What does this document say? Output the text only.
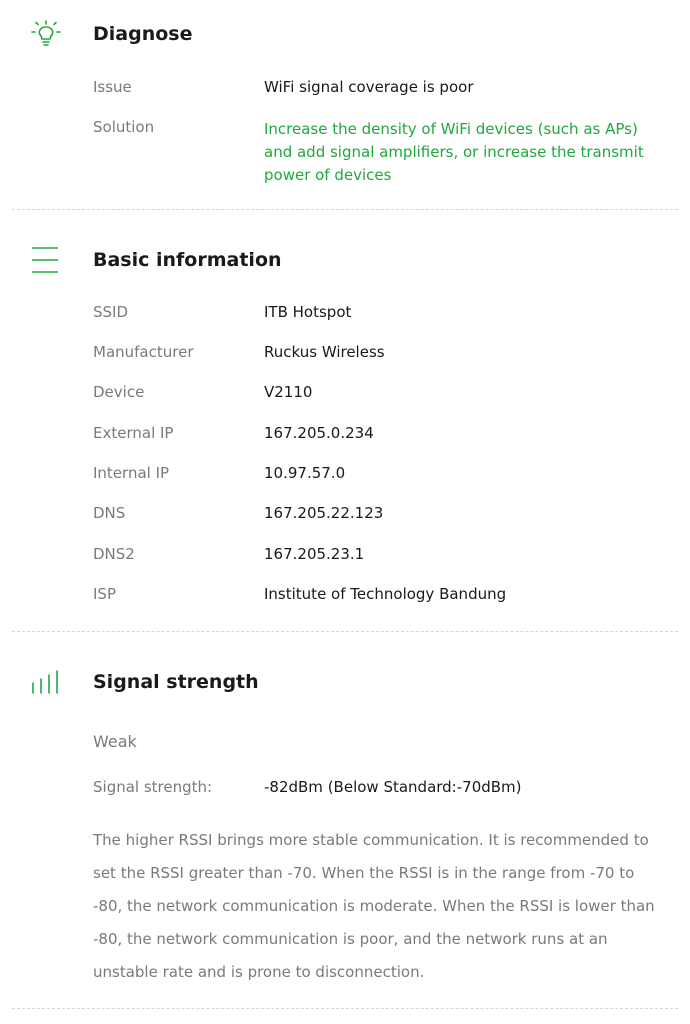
Diagnose
Issue	WiFi signal coverage is poor
Solution	Increase the density of WiFi devices (such as APs) and add signal amplifiers, or increase the transmit power of devices
Basic information
SSID	ITB Hotspot
Manufacturer	Ruckus Wireless
Device	V2110
External IP	167.205.0.234
Internal IP	10.97.57.0
DNS	167.205.22.123
DNS2	167.205.23.1
ISP	Institute of Technology Bandung
Signal strength
Weak
Signal strength:	-82dBm (Below Standard:-70dBm)
The higher RSSI brings more stable communication. It is recommended to set the RSSI greater than -70. When the RSSI is in the range from -70 to -80, the network communication is moderate. When the RSSI is lower than -80, the network communication is poor, and the network runs at an unstable rate and is prone to disconnection.
